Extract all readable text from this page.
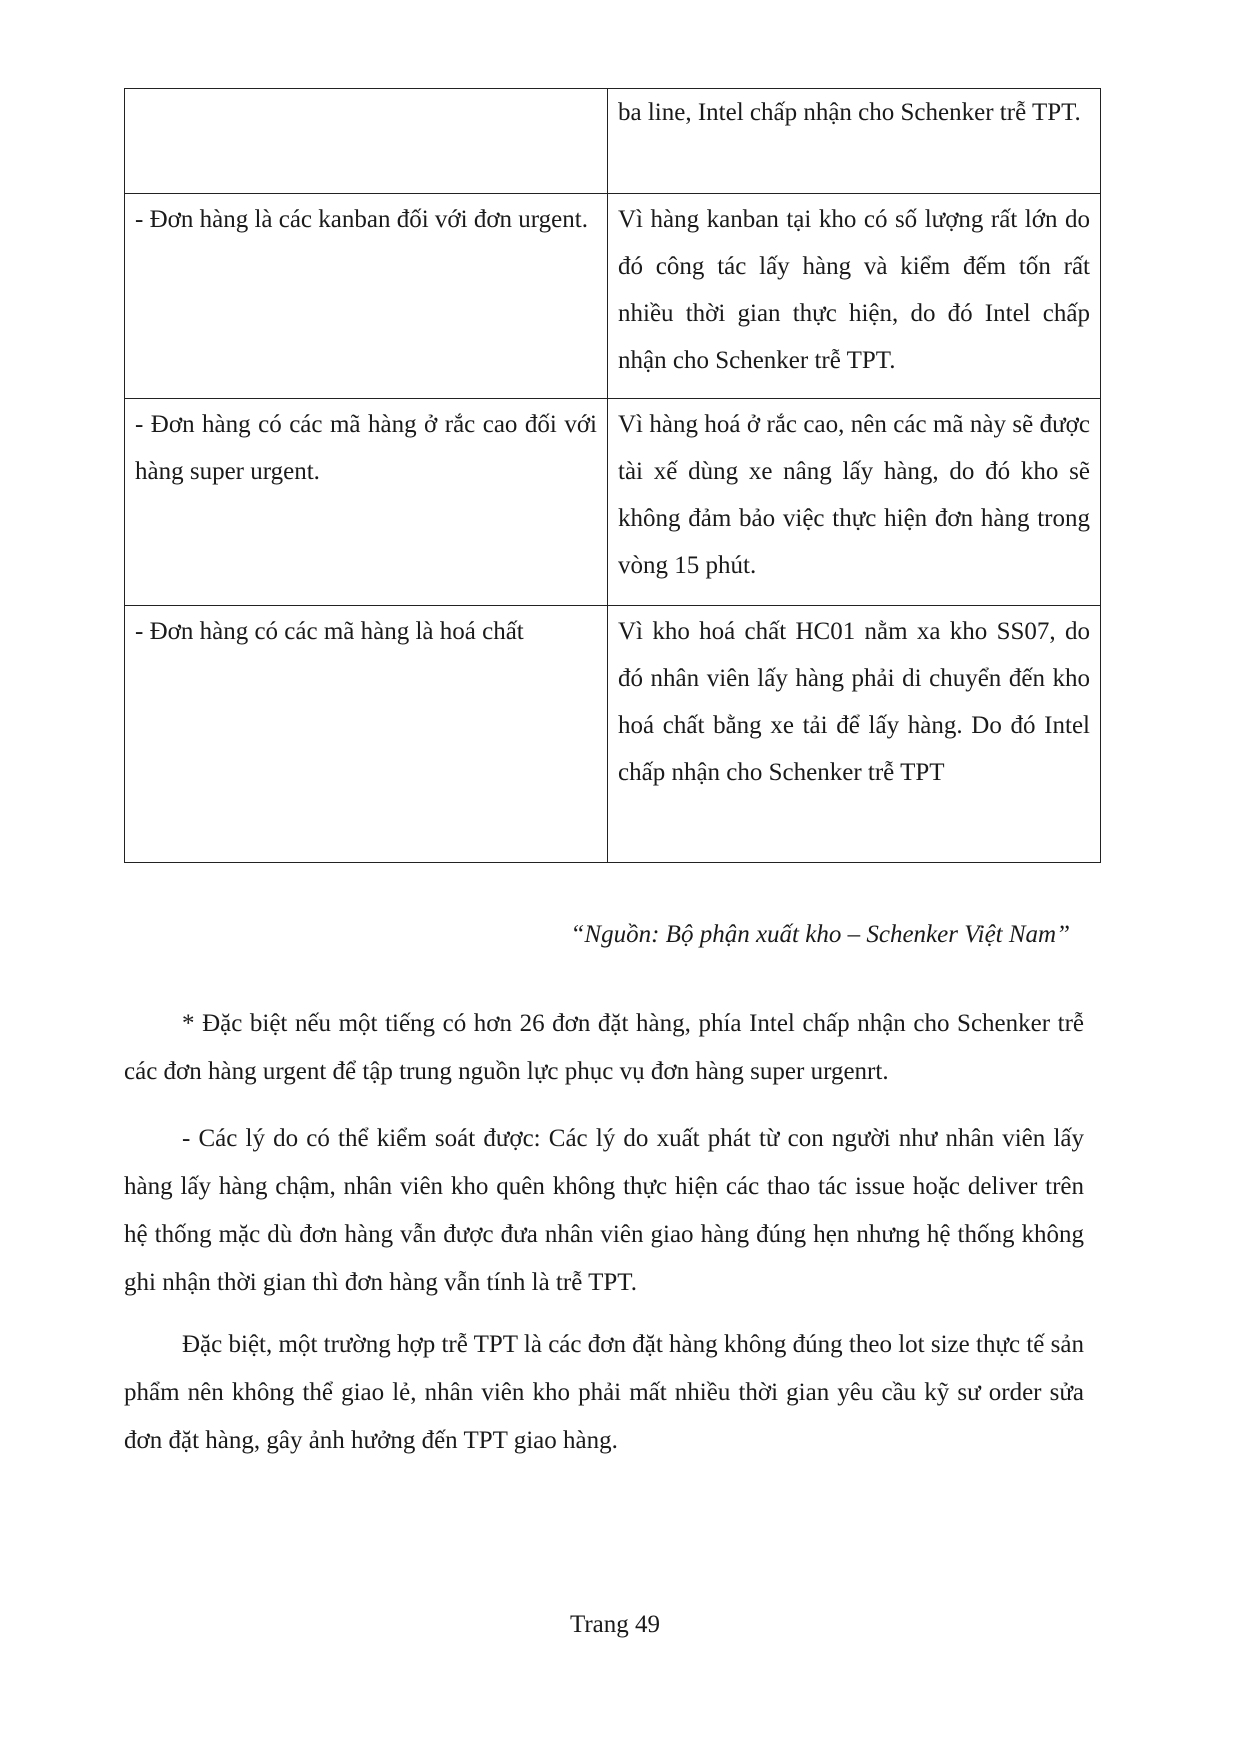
	ba line, Intel chấp nhận cho Schenker trễ TPT.
- Đơn hàng là các kanban đối với đơn urgent.	Vì hàng kanban tại kho có số lượng rất lớn do đó công tác lấy hàng và kiểm đếm tốn rất nhiều thời gian thực hiện, do đó Intel chấp nhận cho Schenker trễ TPT.
- Đơn hàng có các mã hàng ở rắc cao đối với hàng super urgent.	Vì hàng hoá ở rắc cao, nên các mã này sẽ được tài xế dùng xe nâng lấy hàng, do đó kho sẽ không đảm bảo việc thực hiện đơn hàng trong vòng 15 phút.
- Đơn hàng có các mã hàng là hoá chất	Vì kho hoá chất HC01 nằm xa kho SS07, do đó nhân viên lấy hàng phải di chuyển đến kho hoá chất bằng xe tải để lấy hàng. Do đó Intel chấp nhận cho Schenker trễ TPT
“Nguồn: Bộ phận xuất kho – Schenker Việt Nam”

* Đặc biệt nếu một tiếng có hơn 26 đơn đặt hàng, phía Intel chấp nhận cho Schenker trễ các đơn hàng urgent để tập trung nguồn lực phục vụ đơn hàng super urgenrt.

- Các lý do có thể kiểm soát được: Các lý do xuất phát từ con người như nhân viên lấy hàng lấy hàng chậm, nhân viên kho quên không thực hiện các thao tác issue hoặc deliver trên hệ thống mặc dù đơn hàng vẫn được đưa nhân viên giao hàng đúng hẹn nhưng hệ thống không ghi nhận thời gian thì đơn hàng vẫn tính là trễ TPT.

Đặc biệt, một trường hợp trễ TPT là các đơn đặt hàng không đúng theo lot size thực tế sản phẩm nên không thể giao lẻ, nhân viên kho phải mất nhiều thời gian yêu cầu kỹ sư order sửa đơn đặt hàng, gây ảnh hưởng đến TPT giao hàng.

Trang 49
